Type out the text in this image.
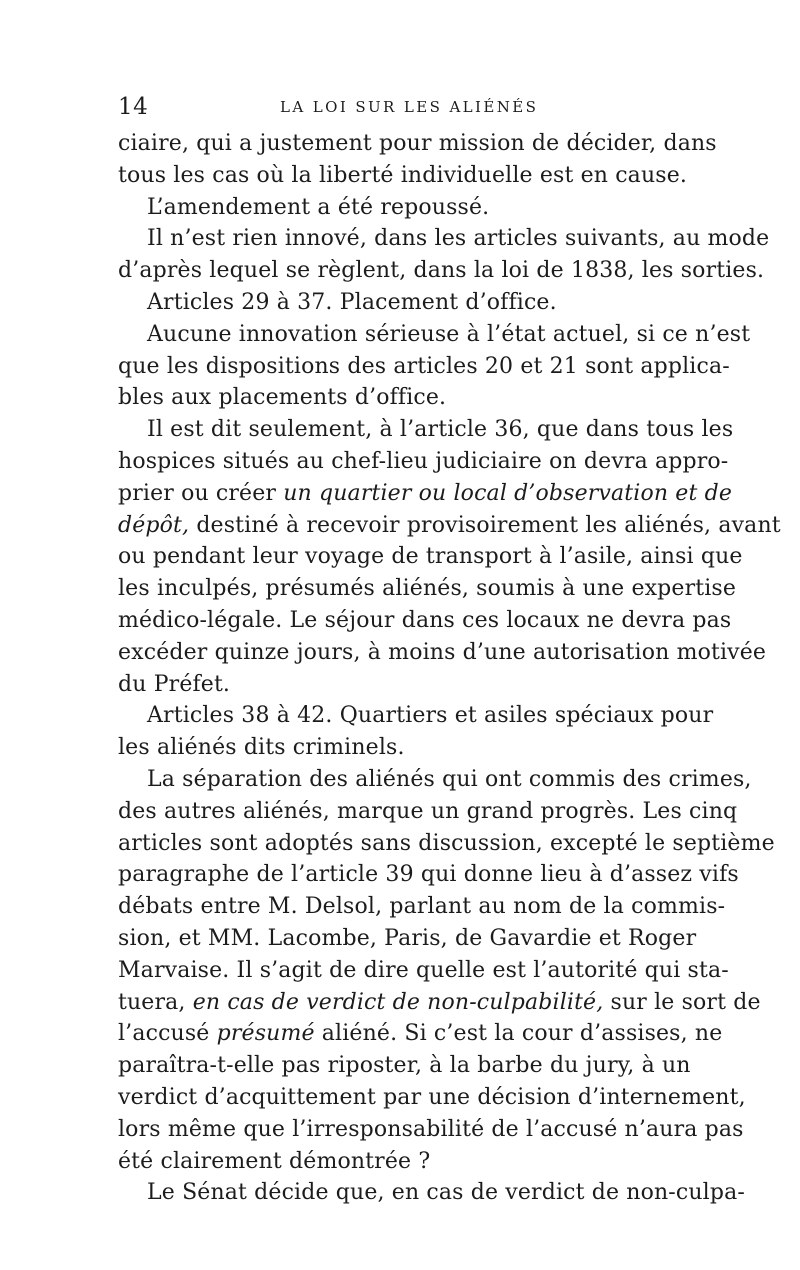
14	LA LOI SUR LES ALIÉNÉS
ciaire, qui a justement pour mission de décider, dans
tous les cas où la liberté individuelle est en cause.
L’amendement a été repoussé.
Il n’est rien innové, dans les articles suivants, au mode
d’après lequel se règlent, dans la loi de 1838, les sorties.
Articles 29 à 37. Placement d’office.
Aucune innovation sérieuse à l’état actuel, si ce n’est
que les dispositions des articles 20 et 21 sont applica-
bles aux placements d’office.
Il est dit seulement, à l’article 36, que dans tous les
hospices situés au chef-lieu judiciaire on devra appro-
prier ou créer un quartier ou local d’observation et de
dépôt, destiné à recevoir provisoirement les aliénés, avant
ou pendant leur voyage de transport à l’asile, ainsi que
les inculpés, présumés aliénés, soumis à une expertise
médico-légale. Le séjour dans ces locaux ne devra pas
excéder quinze jours, à moins d’une autorisation motivée
du Préfet.
Articles 38 à 42. Quartiers et asiles spéciaux pour
les aliénés dits criminels.
La séparation des aliénés qui ont commis des crimes,
des autres aliénés, marque un grand progrès. Les cinq
articles sont adoptés sans discussion, excepté le septième
paragraphe de l’article 39 qui donne lieu à d’assez vifs
débats entre M. Delsol, parlant au nom de la commis-
sion, et MM. Lacombe, Paris, de Gavardie et Roger
Marvaise. Il s’agit de dire quelle est l’autorité qui sta-
tuera, en cas de verdict de non-culpabilité, sur le sort de
l’accusé présumé aliéné. Si c’est la cour d’assises, ne
paraîtra-t-elle pas riposter, à la barbe du jury, à un
verdict d’acquittement par une décision d’internement,
lors même que l’irresponsabilité de l’accusé n’aura pas
été clairement démontrée ?
Le Sénat décide que, en cas de verdict de non-culpa-
